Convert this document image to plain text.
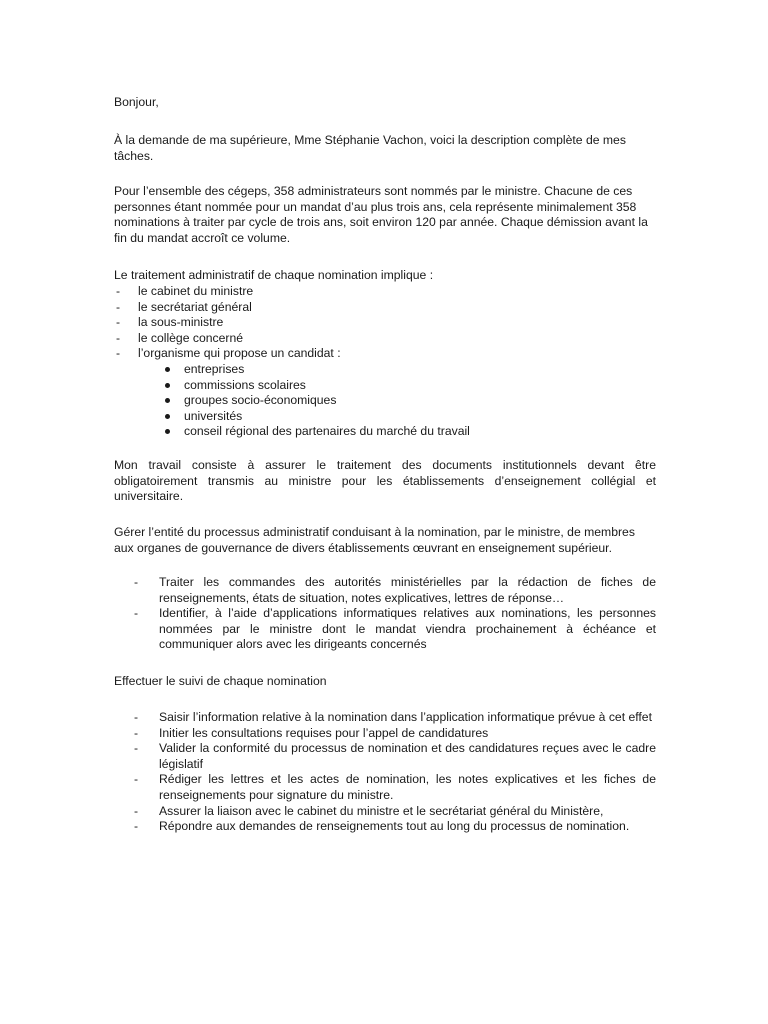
Bonjour,

À la demande de ma supérieure, Mme Stéphanie Vachon, voici la description complète de mes tâches.

Pour l’ensemble des cégeps, 358 administrateurs sont nommés par le ministre. Chacune de ces personnes étant nommée pour un mandat d’au plus trois ans, cela représente minimalement 358 nominations à traiter par cycle de trois ans, soit environ 120 par année. Chaque démission avant la fin du mandat accroît ce volume.

Le traitement administratif de chaque nomination implique :

- le cabinet du ministre
- le secrétariat général
- la sous-ministre
- le collège concerné
- l’organisme qui propose un candidat :
entreprises
commissions scolaires
groupes socio-économiques
universités
conseil régional des partenaires du marché du travail

Mon travail consiste à assurer le traitement des documents institutionnels devant être obligatoirement transmis au ministre pour les établissements d’enseignement collégial et universitaire.

Gérer l’entité du processus administratif conduisant à la nomination, par le ministre, de membres aux organes de gouvernance de divers établissements œuvrant en enseignement supérieur.

- Traiter les commandes des autorités ministérielles par la rédaction de fiches de renseignements, états de situation, notes explicatives, lettres de réponse…
- Identifier, à l’aide d’applications informatiques relatives aux nominations, les personnes nommées par le ministre dont le mandat viendra prochainement à échéance et communiquer alors avec les dirigeants concernés

Effectuer le suivi de chaque nomination

- Saisir l’information relative à la nomination dans l’application informatique prévue à cet effet
- Initier les consultations requises pour l’appel de candidatures
- Valider la conformité du processus de nomination et des candidatures reçues avec le cadre législatif
- Rédiger les lettres et les actes de nomination, les notes explicatives et les fiches de renseignements pour signature du ministre.
- Assurer la liaison avec le cabinet du ministre et le secrétariat général du Ministère,
- Répondre aux demandes de renseignements tout au long du processus de nomination.
